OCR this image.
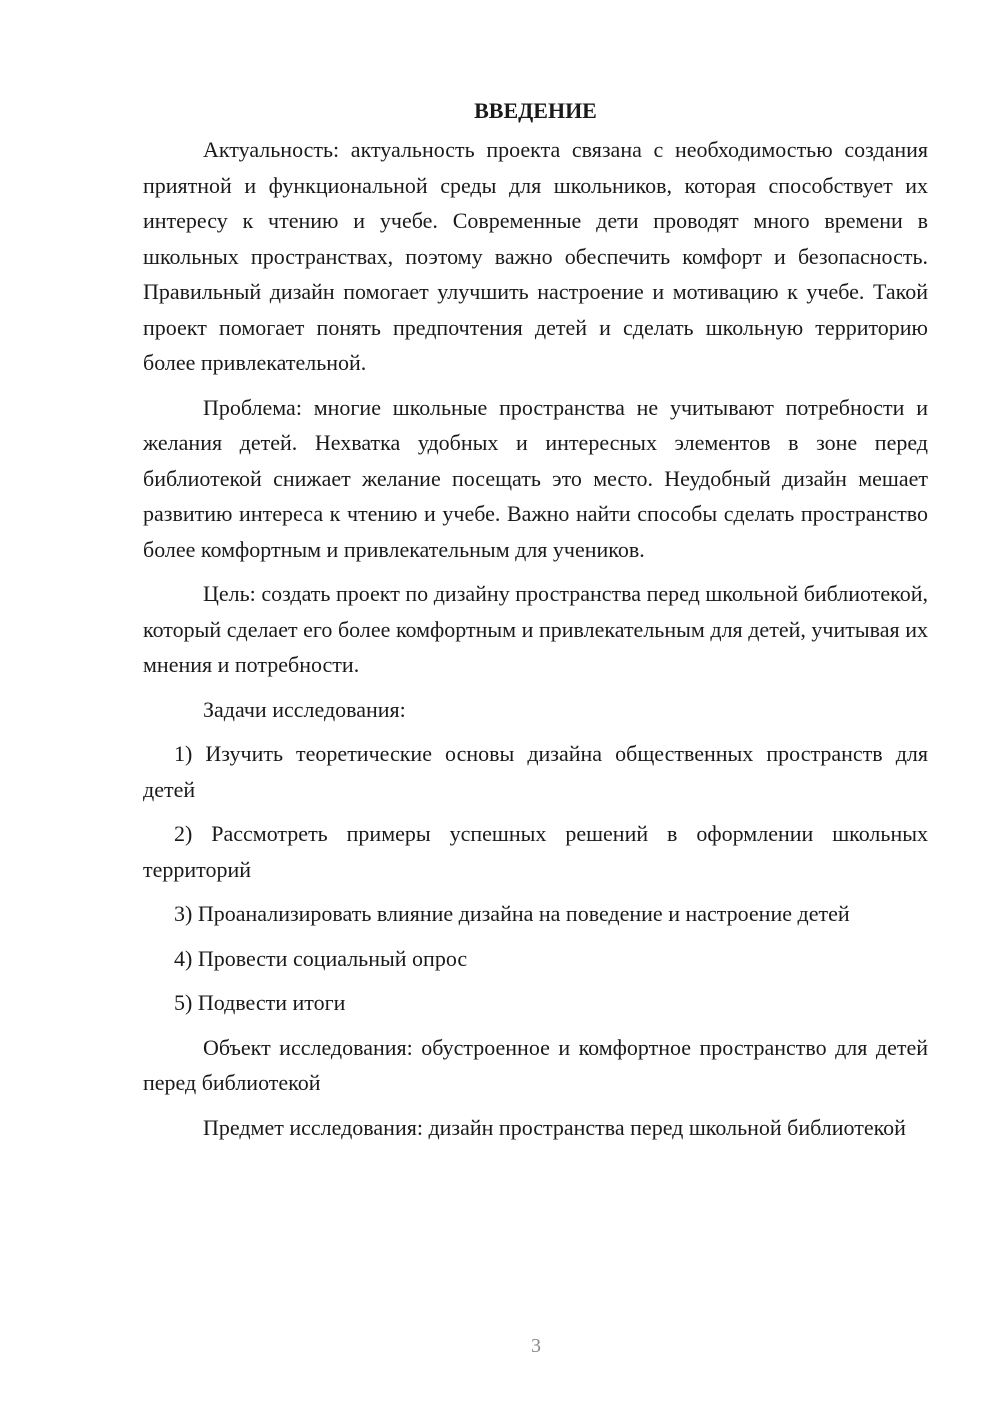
ВВЕДЕНИЕ

Актуальность: актуальность проекта связана с необходимостью создания приятной и функциональной среды для школьников, которая способствует их интересу к чтению и учебе. Современные дети проводят много времени в школьных пространствах, поэтому важно обеспечить комфорт и безопасность. Правильный дизайн помогает улучшить настроение и мотивацию к учебе. Такой проект помогает понять предпочтения детей и сделать школьную территорию более привлекательной.

Проблема: многие школьные пространства не учитывают потребности и желания детей. Нехватка удобных и интересных элементов в зоне перед библиотекой снижает желание посещать это место. Неудобный дизайн мешает развитию интереса к чтению и учебе. Важно найти способы сделать пространство более комфортным и привлекательным для учеников.

Цель: создать проект по дизайну пространства перед школьной библиотекой, который сделает его более комфортным и привлекательным для детей, учитывая их мнения и потребности.

Задачи исследования:

1) Изучить теоретические основы дизайна общественных пространств для детей

2) Рассмотреть примеры успешных решений в оформлении школьных территорий

3) Проанализировать влияние дизайна на поведение и настроение детей

4) Провести социальный опрос

5) Подвести итоги

Объект исследования: обустроенное и комфортное пространство для детей перед библиотекой

Предмет исследования: дизайн пространства перед школьной библиотекой

3
